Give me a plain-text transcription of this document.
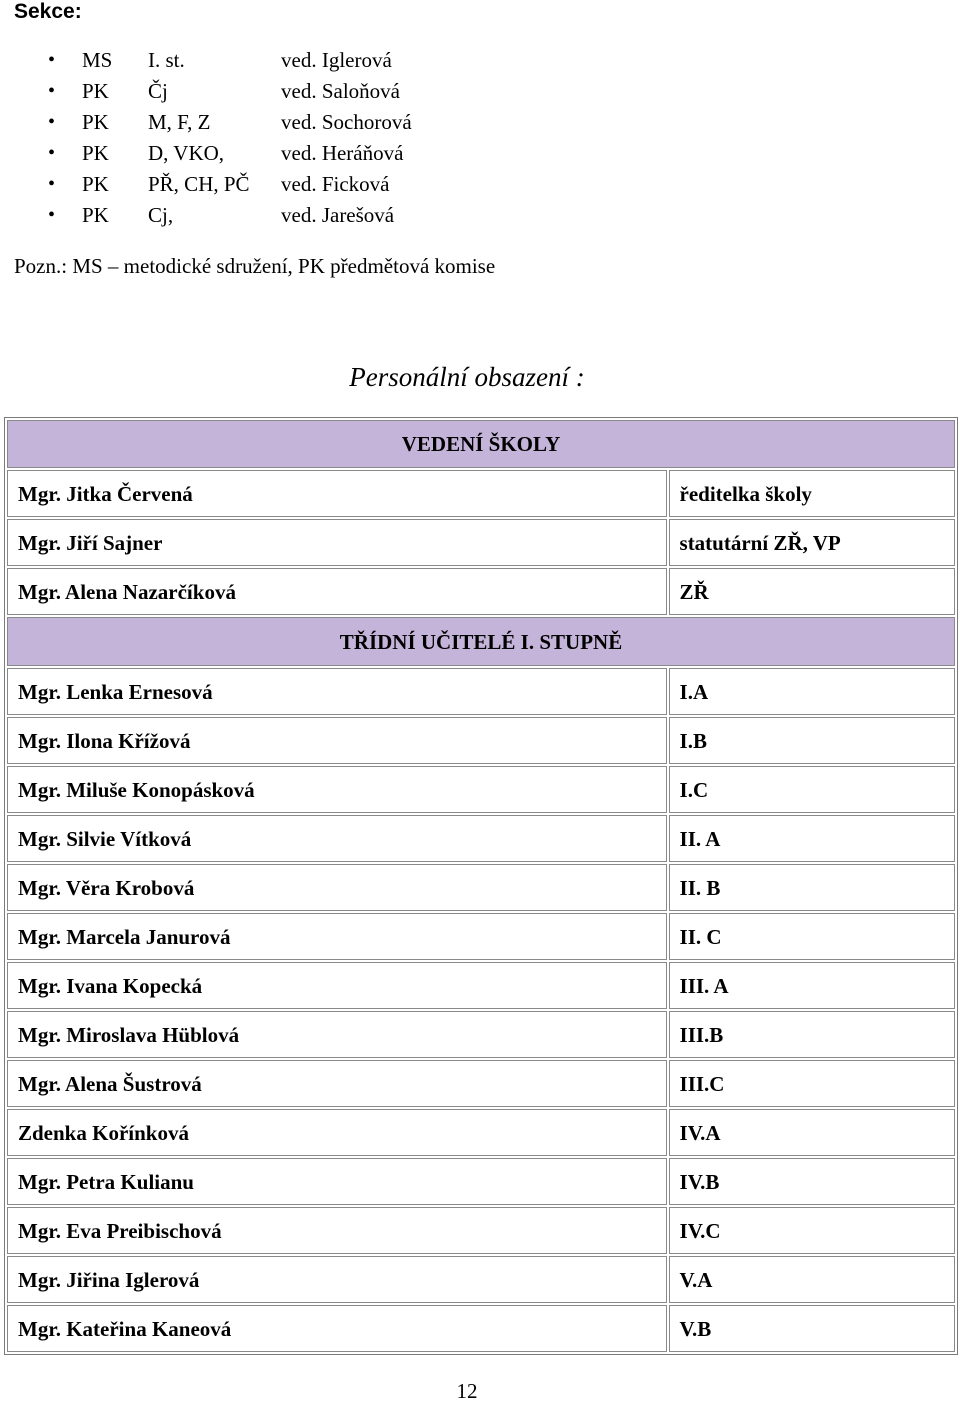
Sekce:
• MS I. st.	ved. Iglerová
• PK Čj	ved. Saloňová
• PK M, F, Z	ved. Sochorová
• PK D, VKO,	ved. Heráňová
• PK PŘ, CH, PČ ved. Ficková
• PK Cj,	ved. Jarešová
Pozn.: MS – metodické sdružení, PK předmětová komise
Personální obsazení :
VEDENÍ ŠKOLY	
Mgr. Jitka Červená	ředitelka školy
Mgr. Jiří Sajner	statutární ZŘ, VP
Mgr. Alena Nazarčíková	ZŘ
TŘÍDNÍ UČITELÉ I. STUPNĚ	
Mgr. Lenka Ernesová	I.A
Mgr. Ilona Křížová	I.B
Mgr. Miluše Konopásková	I.C
Mgr. Silvie Vítková	II. A
Mgr. Věra Krobová	II. B
Mgr. Marcela Janurová	II. C
Mgr. Ivana Kopecká	III. A
Mgr. Miroslava Hüblová	III.B
Mgr. Alena Šustrová	III.C
Zdenka Kořínková	IV.A
Mgr. Petra Kulianu	IV.B
Mgr. Eva Preibischová	IV.C
Mgr. Jiřina Iglerová	V.A
Mgr. Kateřina Kaneová	V.B
12
